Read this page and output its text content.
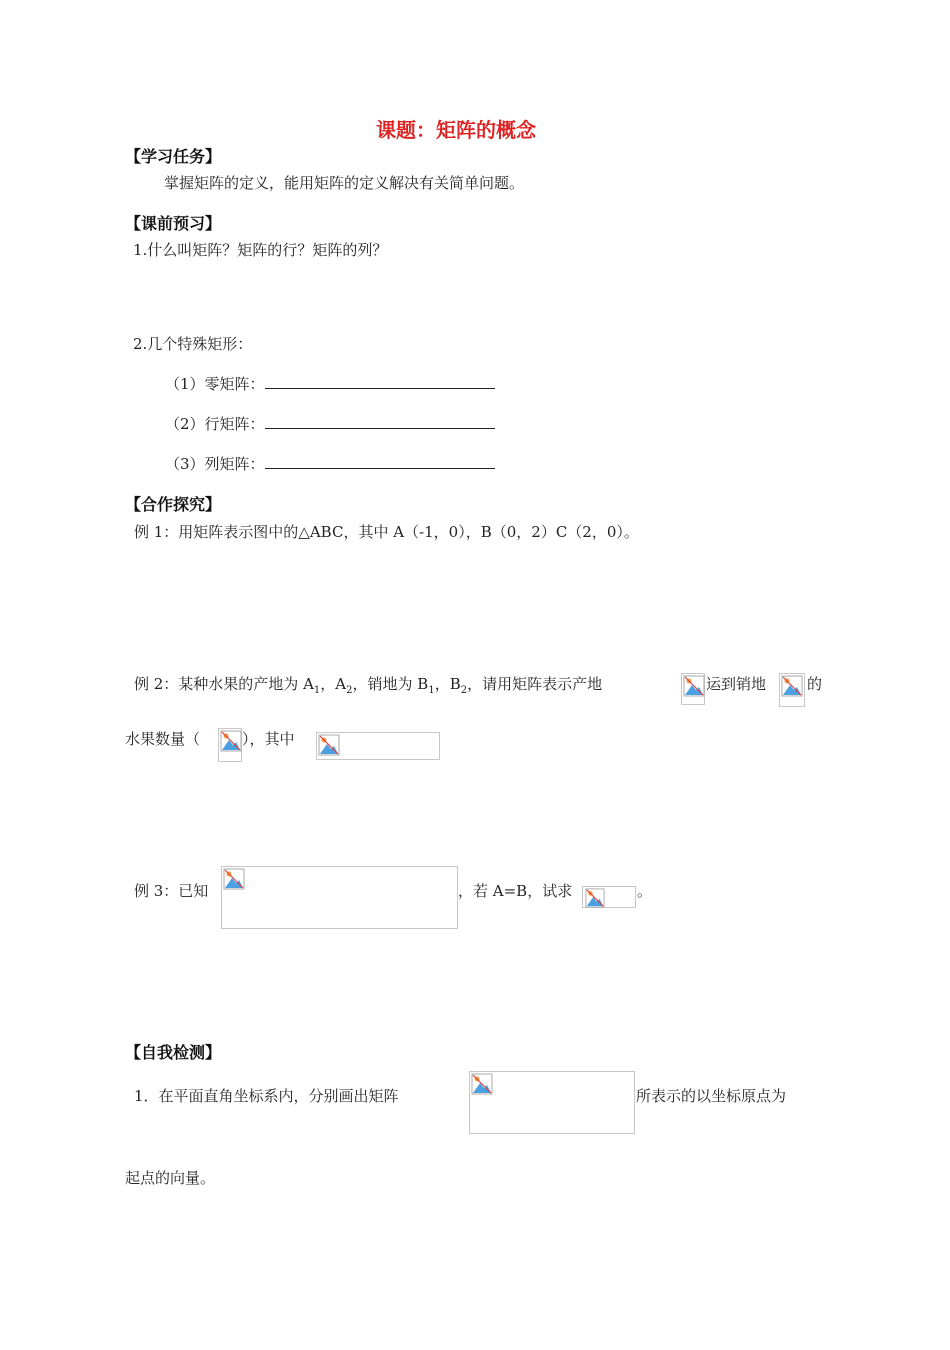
课题：矩阵的概念
【学习任务】
掌握矩阵的定义，能用矩阵的定义解决有关简单问题。
【课前预习】
1.什么叫矩阵？矩阵的行？矩阵的列？
2.几个特殊矩形：
（1）零矩阵：
（2）行矩阵：
（3）列矩阵：
【合作探究】
例 1：用矩阵表示图中的△ABC，其中 A（-1，0），B（0，2）C（2，0）。
例 2：某种水果的产地为 $A_1$，$A_2$，销地为 $B_1$，$B_2$，请用矩阵表示产地	运到销地	的
水果数量（	），其中
例 3：已知	，若 A=B，试求	。
【自我检测】
1．在平面直角坐标系内，分别画出矩阵	所表示的以坐标原点为
起点的向量。
